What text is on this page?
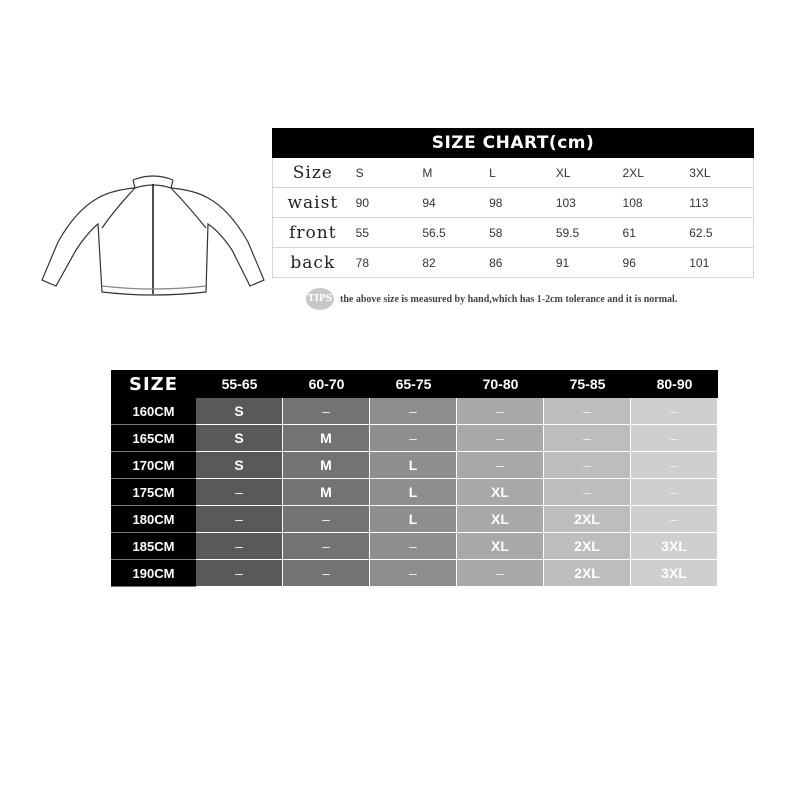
SIZE CHART(cm)
Size	S	M	L	XL	2XL	3XL
waist	90	94	98	103	108	113
front	55	56.5	58	59.5	61	62.5
back	78	82	86	91	96	101
TIPS the above size is measured by hand,which has 1-2cm tolerance and it is normal.
SIZE	55-65	60-70	65-75	70-80	75-85	80-90
160CM	S	–	–	–	–	–
165CM	S	M	–	–	–	–
170CM	S	M	L	–	–	–
175CM	–	M	L	XL	–	–
180CM	–	–	L	XL	2XL	–
185CM	–	–	–	XL	2XL	3XL
190CM	–	–	–	–	2XL	3XL
